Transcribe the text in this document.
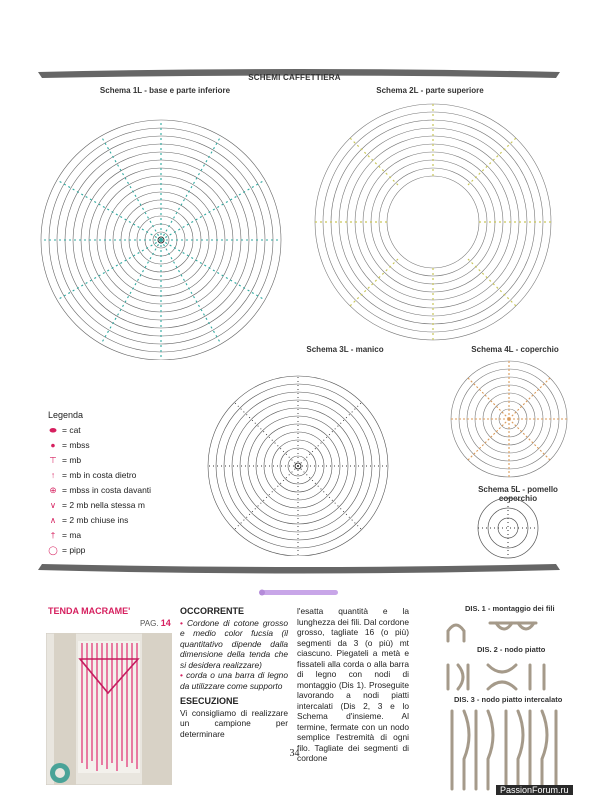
SCHEMI CAFFETTIERA
Schema 1L - base e parte inferiore	Schema 2L - parte superiore
Schema 3L - manico	Schema 4L - coperchio
Schema 5L - pomello coperchio
Legenda
⬬ = cat
● = mbss
⊤ = mb
↑ = mb in costa dietro
⊕ = mbss in costa davanti
∨ = 2 mb nella stessa m
∧ = 2 mb chiuse ins
† = ma
◯ = pipp
TENDA MACRAME'
PAG. 14
OCCORRENTE
• Cordone di cotone grosso e medio color fucsia (il quantitativo dipende dalla dimensione della tenda che si desidera realizzare)
• corda o una barra di legno da utilizzare come supporto
ESECUZIONE
Vi consigliamo di realizzare un campione per determinare
l'esatta quantità e la lunghezza dei fili. Dal cordone grosso, tagliate 16 (o più) segmenti da 3 (o più) mt ciascuno. Piegateli a metà e fissateli alla corda o alla barra di legno con nodi di montaggio (Dis 1). Proseguite lavorando a nodi piatti intercalati (Dis 2, 3 e lo Schema d'insieme. Al termine, fermate con un nodo semplice l'estremità di ogni filo. Tagliate dei segmenti di cordone
DIS. 1 - montaggio dei fili
DIS. 2 - nodo piatto
DIS. 3 - nodo piatto intercalato
34
PassionForum.ru
